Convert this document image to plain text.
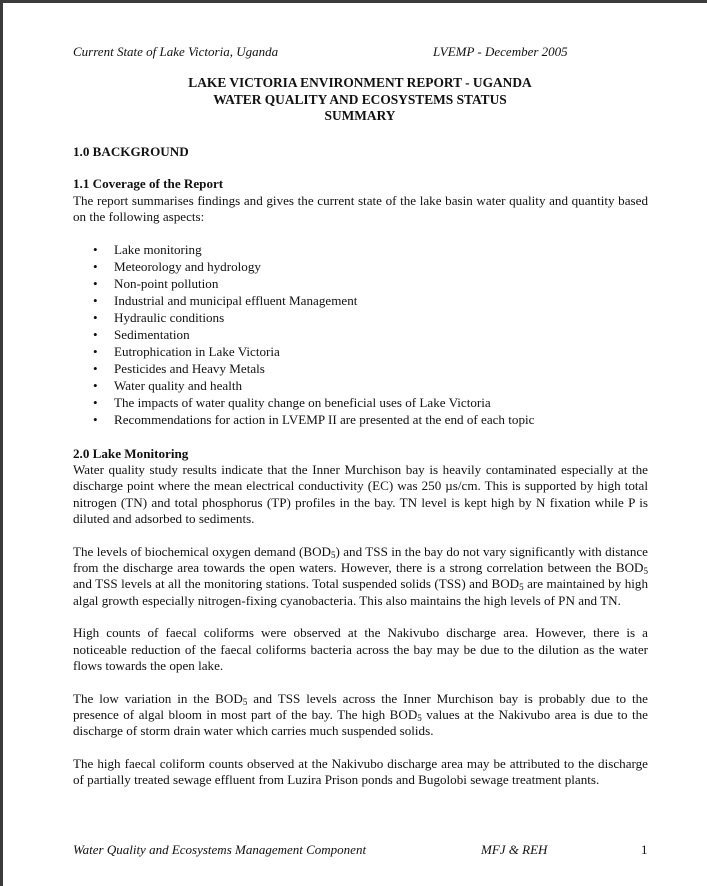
Current State of Lake Victoria, Uganda	LVEMP - December 2005
LAKE VICTORIA ENVIRONMENT REPORT - UGANDA
WATER QUALITY AND ECOSYSTEMS STATUS
SUMMARY
1.0 BACKGROUND
1.1 Coverage of the Report

The report summarises findings and gives the current state of the lake basin water quality and quantity based on the following aspects:

• Lake monitoring
• Meteorology and hydrology
• Non-point pollution
• Industrial and municipal effluent Management
• Hydraulic conditions
• Sedimentation
• Eutrophication in Lake Victoria
• Pesticides and Heavy Metals
• Water quality and health
• The impacts of water quality change on beneficial uses of Lake Victoria
• Recommendations for action in LVEMP II are presented at the end of each topic
2.0 Lake Monitoring

Water quality study results indicate that the Inner Murchison bay is heavily contaminated especially at the discharge point where the mean electrical conductivity (EC) was 250 µs/cm. This is supported by high total nitrogen (TN) and total phosphorus (TP) profiles in the bay. TN level is kept high by N fixation while P is diluted and adsorbed to sediments.

The levels of biochemical oxygen demand $(BOD_5)$ and TSS in the bay do not vary significantly with distance from the discharge area towards the open waters. However, there is a strong correlation between the $BOD_5$ and TSS levels at all the monitoring stations. Total suspended solids (TSS) and $BOD_5$ are maintained by high algal growth especially nitrogen-fixing cyanobacteria. This also maintains the high levels of PN and TN.

High counts of faecal coliforms were observed at the Nakivubo discharge area. However, there is a noticeable reduction of the faecal coliforms bacteria across the bay may be due to the dilution as the water flows towards the open lake.

The low variation in the $BOD_5$ and TSS levels across the Inner Murchison bay is probably due to the presence of algal bloom in most part of the bay. The high $BOD_5$ values at the Nakivubo area is due to the discharge of storm drain water which carries much suspended solids.

The high faecal coliform counts observed at the Nakivubo discharge area may be attributed to the discharge of partially treated sewage effluent from Luzira Prison ponds and Bugolobi sewage treatment plants.

Water Quality and Ecosystems Management Component	MFJ & REH	1
